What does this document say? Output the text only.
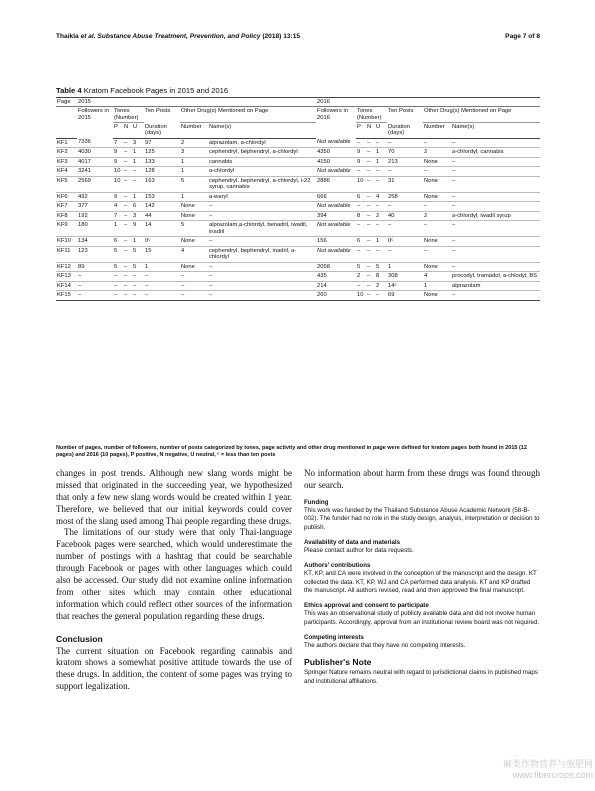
Thaikla et al. Substance Abuse Treatment, Prevention, and Policy (2018) 13:15	Page 7 of 8
Table 4 Kratom Facebook Pages in 2015 and 2016
Page	2015							2016						
	Followers in 2015	Tones (Number)			Ten Posts	Other Drug(s) Mentioned on Page		Followers in 2016	Tones (Number)			Ten Posts	Other Drug(s) Mentioned on Page	
		P	N	U	Duration (days)	Number	Name(s)		P	N	U	Duration (days)	Number	Name(s)
KF1	7336	7	–	3	97	2	alprazolam, a-chlordyl	Not available	–	–	–	–	–	–
KF2	4030	9	–	1	125	3	cephendryl, bephendryl, a-chlordyl	4350	9	–	1	70	2	a-chlordyl, cannabis
KF3	4017	9	–	1	133	1	cannabis	4150	9	–	1	213	None	–
KF4	3241	10	–	–	128	1	a-chlordyl	Not available	–	–	–	–	–	–
KF5	2569	10	–	–	163	5	cephendryl, bephendryl, a-chlordyl, i-22 syrup, cannabis	2886	10	–	–	31	None	–
KF6	492	9	–	1	153	1	a-waryl	666	6	–	4	258	None	–
KF7	377	4	–	6	142	None	–	Not available	–	–	–	–	–	–
KF8	192	7	–	3	44	None	–	394	8	–	2	40	2	a-chlordyl, iwadil syrup
KF9	180	1	–	9	14	5	alprazolam,a-chlordyl, benadril, iwadil, inadril	Not available	–	–	–	–	–	–
KF10	134	6	–	1	0ᶜ	None	–	156	6	–	1	0ᶜ	None	–
KF11	123	5	–	5	15	4	cephendryl, bephendryl, inadril, a-chlordyl	Not available	–	–	–	–	–	–
KF12	89	5	–	5	1	None	–	2058	5	–	5	1	None	–
KF13	–	–	–	–	–	–	–	435	2	–	8	308	4	procodyl, tramadol, a-chlodyl, BS
KF14	–	–	–	–	–	–	–	214	–	–	2	14ᶜ	1	alprazolam
KF15	–	–	–	–	–	–	–	260	10	–	–	69	None	–
Number of pages, number of followers, number of posts categorized by tones, page activity and other drug mentioned in page were defined for kratom pages both found in 2015 (12 pages) and 2016 (10 pages), P positive, N negative, U neutral, ᶜ = less than ten posts

changes in post trends. Although new slang words might be missed that originated in the succeeding year, we hypothesized that only a few new slang words would be created within 1 year. Therefore, we believed that our initial keywords could cover most of the slang used among Thai people regarding these drugs.

The limitations of our study were that only Thai-language Facebook pages were searched, which would underestimate the number of postings with a hashtag that could be searchable through Facebook or pages with other languages which could also be accessed. Our study did not examine online information from other sites which may contain other educational information which could reflect other sources of the information that reaches the general population regarding these drugs.

Conclusion

The current situation on Facebook regarding cannabis and kratom shows a somewhat positive attitude towards the use of these drugs. In addition, the content of some pages was trying to support legalization.

No information about harm from these drugs was found through our search.

Funding

This work was funded by the Thailand Substance Abuse Academic Network (58-B-002). The funder had no role in the study design, analysis, interpretation or decision to publish.

Availability of data and materials

Please contact author for data requests.

Authors' contributions

KT, KP, and CA were involved in the conception of the manuscript and the design. KT collected the data. KT, KP, WJ and CA performed data analysis. KT and KP drafted the manuscript. All authors revised, read and then approved the final manuscript.

Ethics approval and consent to participate

This was an observational study of publicly available data and did not involve human participants. Accordingly, approval from an institutional review board was not required.

Competing interests

The authors declare that they have no competing interests.

Publisher's Note

Springer Nature remains neutral with regard to jurisdictional claims in published maps and institutional affiliations.

麻类作物营养与施肥网
www.fibercrops.com
